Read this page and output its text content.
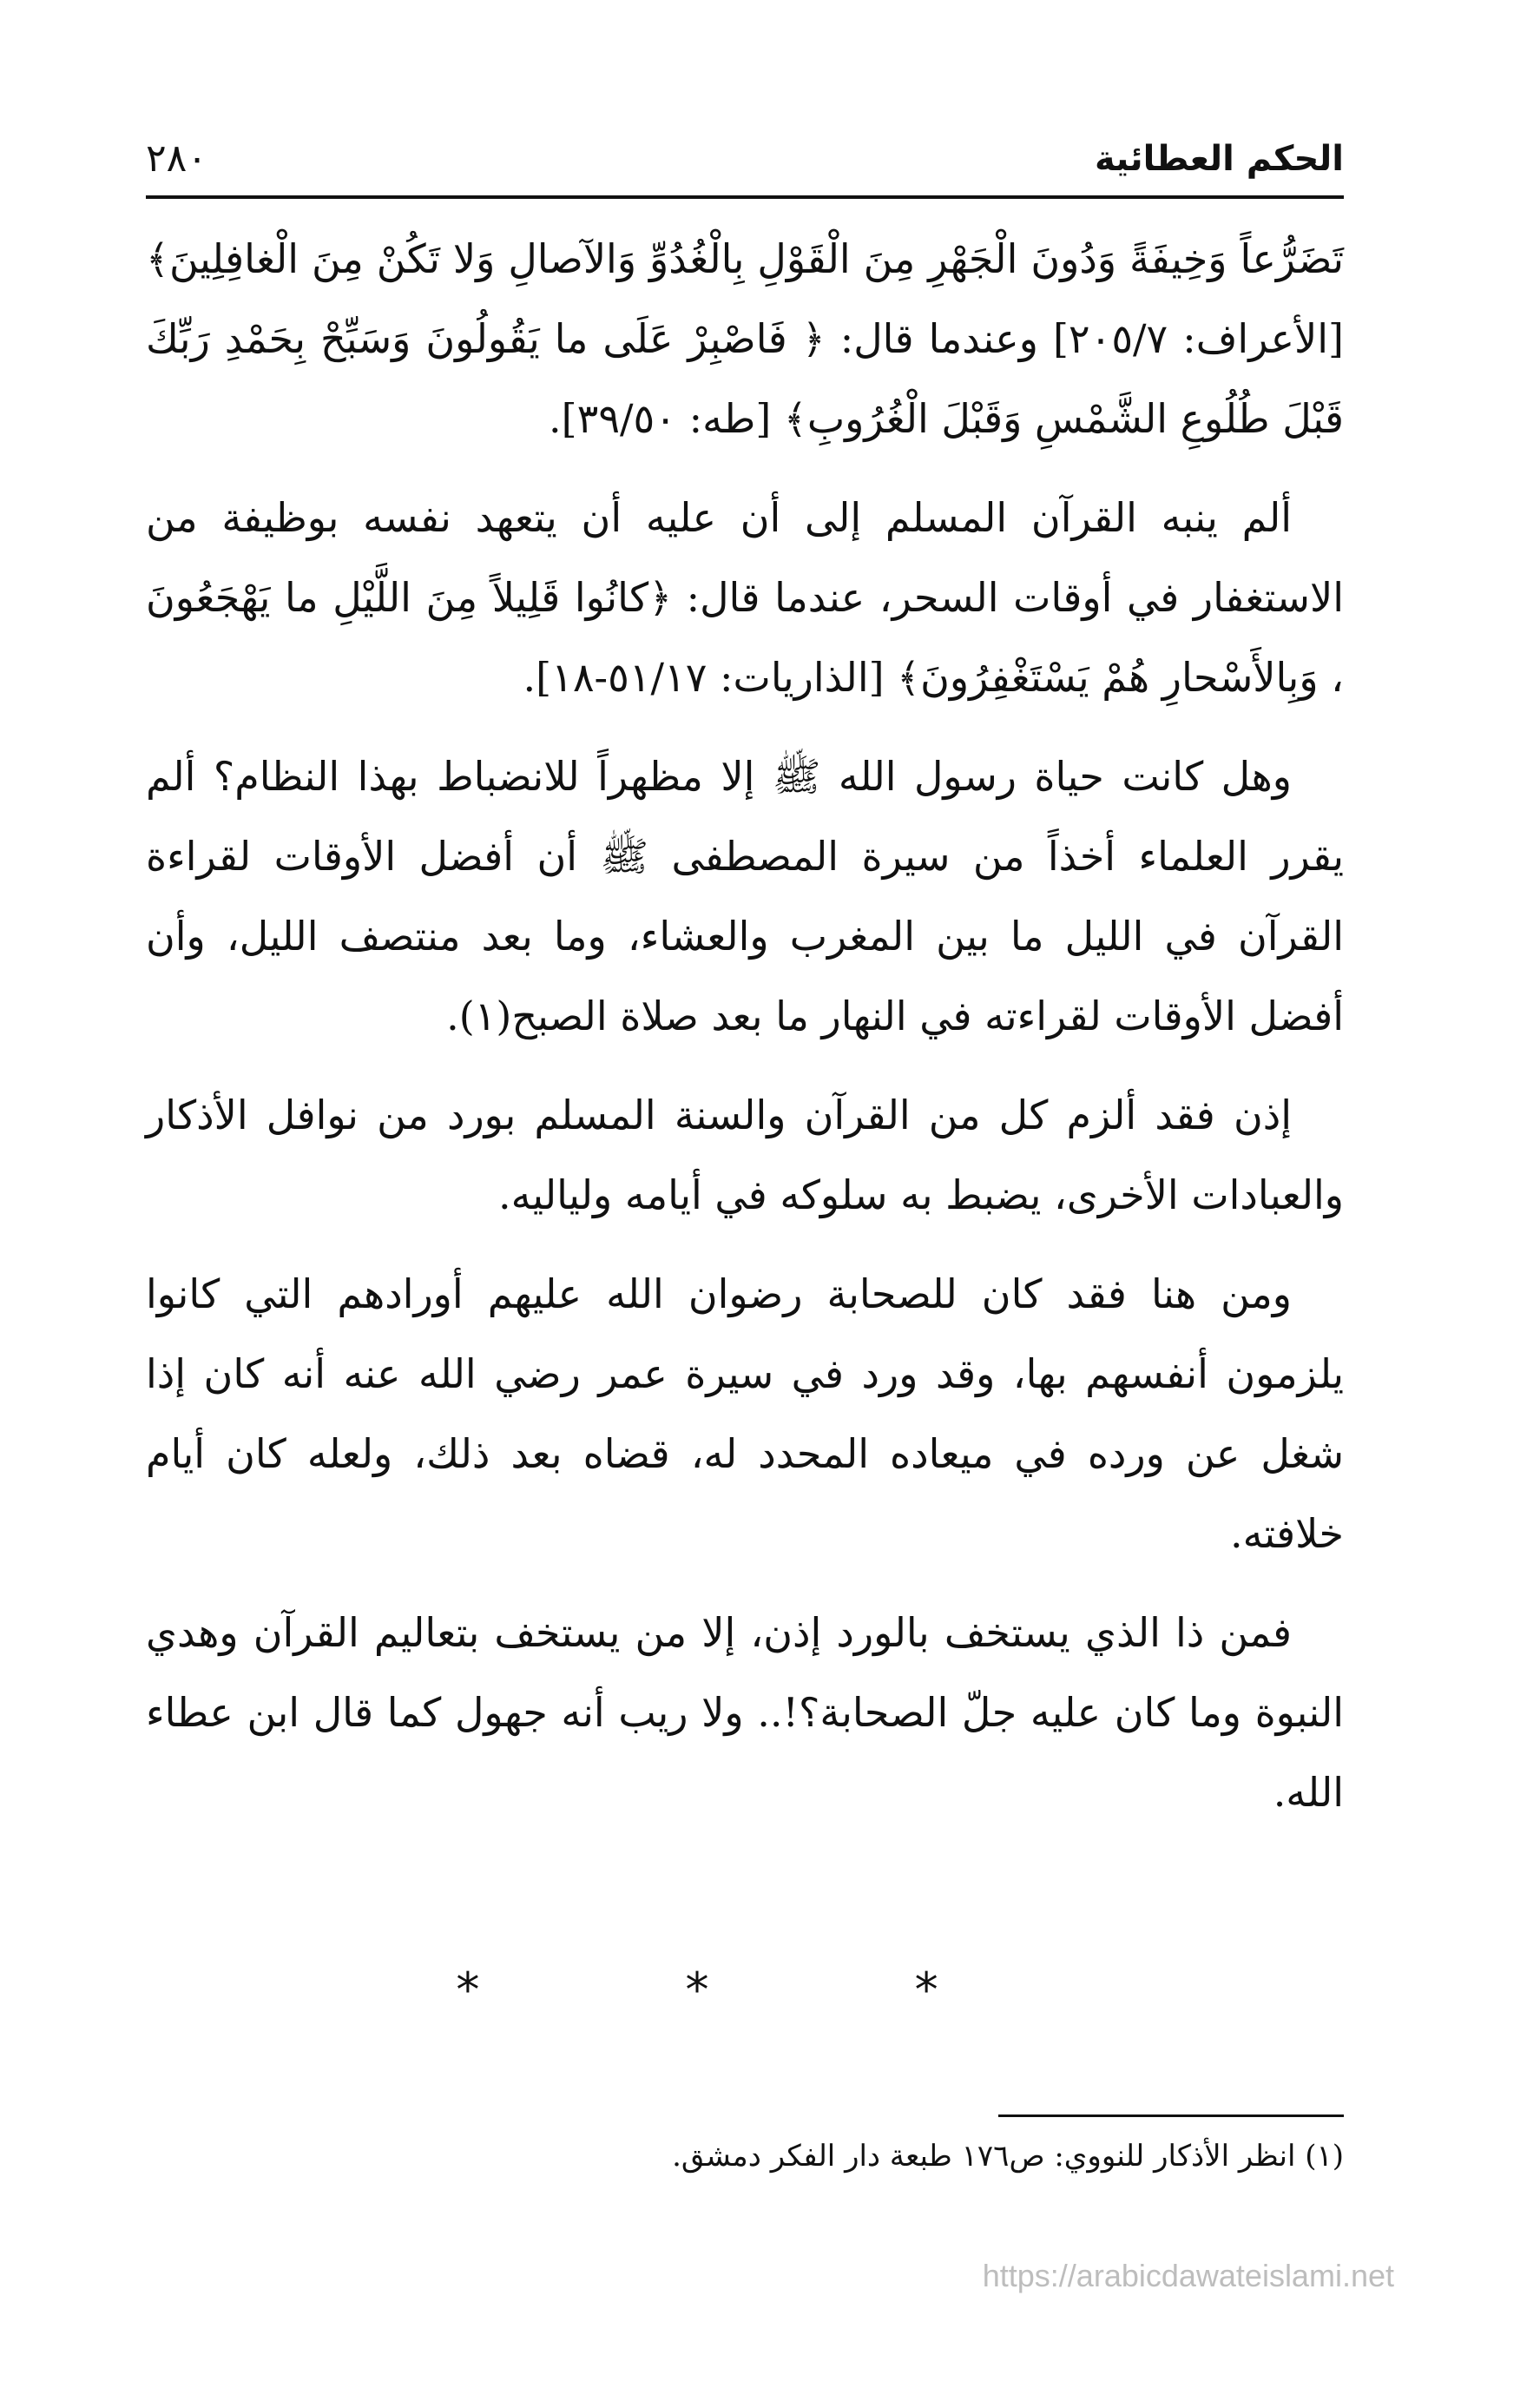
الحكم العطائية
٢٨٠

تَضَرُّعاً وَخِيفَةً وَدُونَ الْجَهْرِ مِنَ الْقَوْلِ بِالْغُدُوِّ وَالآصالِ وَلا تَكُنْ مِنَ الْغافِلِينَ﴾ [الأعراف: ٢٠٥/٧] وعندما قال: ﴿ فَاصْبِرْ عَلَى ما يَقُولُونَ وَسَبِّحْ بِحَمْدِ رَبِّكَ قَبْلَ طُلُوعِ الشَّمْسِ وَقَبْلَ الْغُرُوبِ﴾ [طه: ٣٩/٥٠].

ألم ينبه القرآن المسلم إلى أن عليه أن يتعهد نفسه بوظيفة من الاستغفار في أوقات السحر، عندما قال: ﴿كانُوا قَلِيلاً مِنَ اللَّيْلِ ما يَهْجَعُونَ ، وَبِالأَسْحارِ هُمْ يَسْتَغْفِرُونَ﴾ [الذاريات: ٥١/١٧-١٨].

وهل كانت حياة رسول الله ﷺ إلا مظهراً للانضباط بهذا النظام؟ ألم يقرر العلماء أخذاً من سيرة المصطفى ﷺ أن أفضل الأوقات لقراءة القرآن في الليل ما بين المغرب والعشاء، وما بعد منتصف الليل، وأن أفضل الأوقات لقراءته في النهار ما بعد صلاة الصبح(١).

إذن فقد ألزم كل من القرآن والسنة المسلم بورد من نوافل الأذكار والعبادات الأخرى، يضبط به سلوكه في أيامه ولياليه.

ومن هنا فقد كان للصحابة رضوان الله عليهم أورادهم التي كانوا يلزمون أنفسهم بها، وقد ورد في سيرة عمر رضي الله عنه أنه كان إذا شغل عن ورده في ميعاده المحدد له، قضاه بعد ذلك، ولعله كان أيام خلافته.

فمن ذا الذي يستخف بالورد إذن، إلا من يستخف بتعاليم القرآن وهدي النبوة وما كان عليه جلّ الصحابة؟!.. ولا ريب أنه جهول كما قال ابن عطاء الله.

* * *
(١) انظر الأذكار للنووي: ص١٧٦ طبعة دار الفكر دمشق.
https://arabicdawateislami.net
